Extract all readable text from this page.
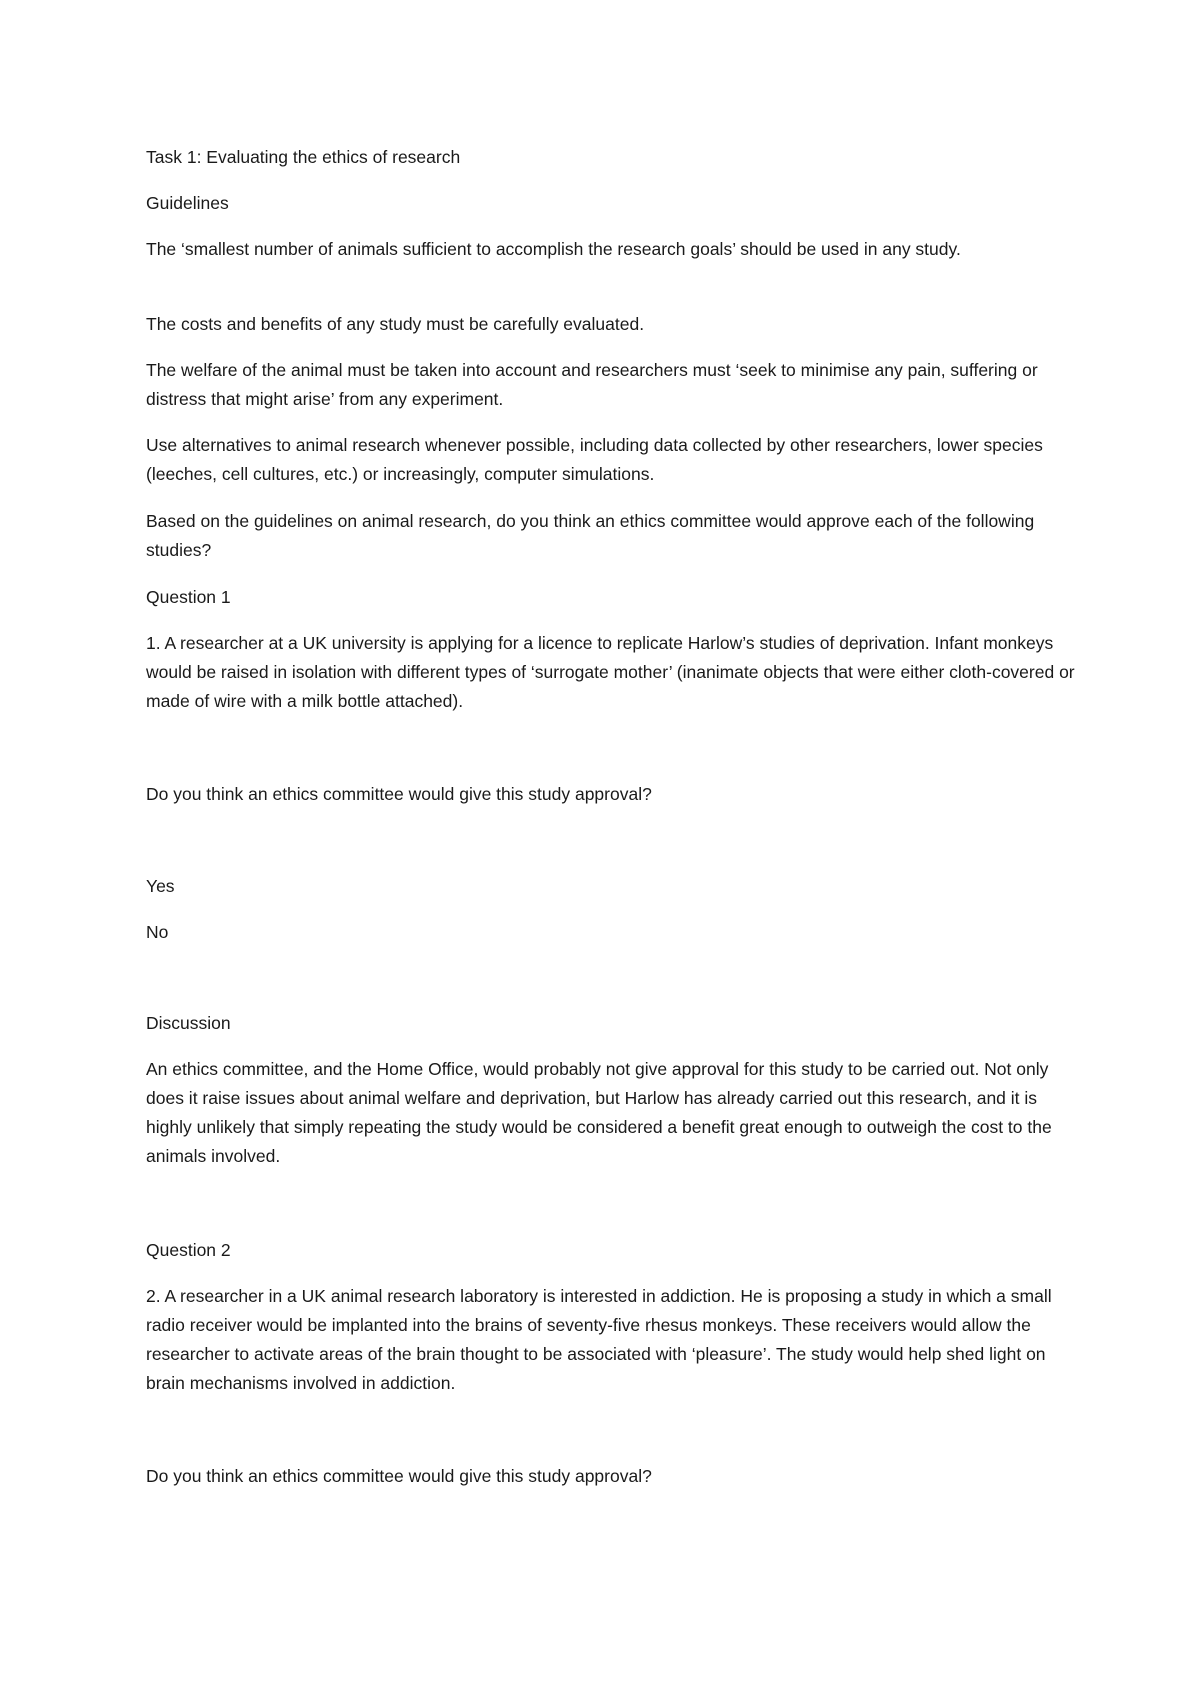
Task 1: Evaluating the ethics of research

Guidelines

The ‘smallest number of animals sufficient to accomplish the research goals’ should be used in any study.

The costs and benefits of any study must be carefully evaluated.

The welfare of the animal must be taken into account and researchers must ‘seek to minimise any pain, suffering or distress that might arise’ from any experiment.

Use alternatives to animal research whenever possible, including data collected by other researchers, lower species (leeches, cell cultures, etc.) or increasingly, computer simulations.

Based on the guidelines on animal research, do you think an ethics committee would approve each of the following studies?

Question 1

1. A researcher at a UK university is applying for a licence to replicate Harlow’s studies of deprivation. Infant monkeys would be raised in isolation with different types of ‘surrogate mother’ (inanimate objects that were either cloth-covered or made of wire with a milk bottle attached).

Do you think an ethics committee would give this study approval?

Yes

No

Discussion

An ethics committee, and the Home Office, would probably not give approval for this study to be carried out. Not only does it raise issues about animal welfare and deprivation, but Harlow has already carried out this research, and it is highly unlikely that simply repeating the study would be considered a benefit great enough to outweigh the cost to the animals involved.

Question 2

2. A researcher in a UK animal research laboratory is interested in addiction. He is proposing a study in which a small radio receiver would be implanted into the brains of seventy-five rhesus monkeys. These receivers would allow the researcher to activate areas of the brain thought to be associated with ‘pleasure’. The study would help shed light on brain mechanisms involved in addiction.

Do you think an ethics committee would give this study approval?
